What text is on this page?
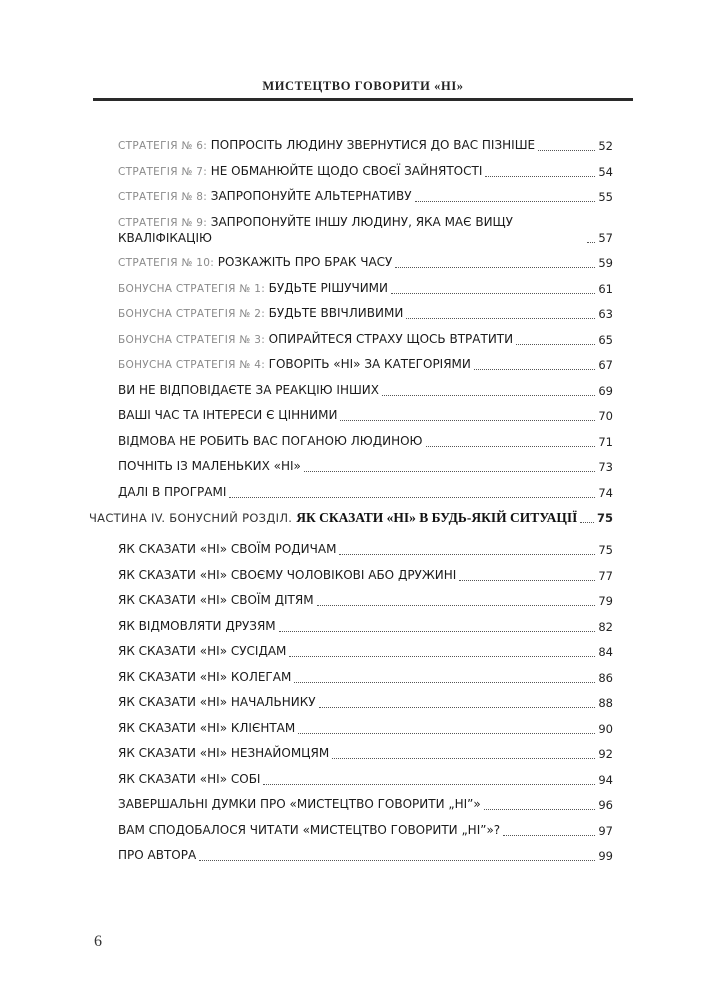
МИСТЕЦТВО ГОВОРИТИ «НІ»
СТРАТЕГІЯ № 6: ПОПРОСІТЬ ЛЮДИНУ ЗВЕРНУТИСЯ ДО ВАС ПІЗНІШЕ	52
СТРАТЕГІЯ № 7: НЕ ОБМАНЮЙТЕ ЩОДО СВОЄЇ ЗАЙНЯТОСТІ	54
СТРАТЕГІЯ № 8: ЗАПРОПОНУЙТЕ АЛЬТЕРНАТИВУ	55
СТРАТЕГІЯ № 9: ЗАПРОПОНУЙТЕ ІНШУ ЛЮДИНУ, ЯКА МАЄ ВИЩУ КВАЛІФІКАЦІЮ	57
СТРАТЕГІЯ № 10: РОЗКАЖІТЬ ПРО БРАК ЧАСУ	59
БОНУСНА СТРАТЕГІЯ № 1: БУДЬТЕ РІШУЧИМИ	61
БОНУСНА СТРАТЕГІЯ № 2: БУДЬТЕ ВВІЧЛИВИМИ	63
БОНУСНА СТРАТЕГІЯ № 3: ОПИРАЙТЕСЯ СТРАХУ ЩОСЬ ВТРАТИТИ	65
БОНУСНА СТРАТЕГІЯ № 4: ГОВОРІТЬ «НІ» ЗА КАТЕГОРІЯМИ	67
ВИ НЕ ВІДПОВІДАЄТЕ ЗА РЕАКЦІЮ ІНШИХ	69
ВАШІ ЧАС ТА ІНТЕРЕСИ Є ЦІННИМИ	70
ВІДМОВА НЕ РОБИТЬ ВАС ПОГАНОЮ ЛЮДИНОЮ	71
ПОЧНІТЬ ІЗ МАЛЕНЬКИХ «НІ»	73
ДАЛІ В ПРОГРАМІ	74
ЧАСТИНА IV. БОНУСНИЙ РОЗДІЛ. ЯК СКАЗАТИ «НІ» В БУДЬ-ЯКІЙ СИТУАЦІЇ 75
ЯК СКАЗАТИ «НІ» СВОЇМ РОДИЧАМ	75
ЯК СКАЗАТИ «НІ» СВОЄМУ ЧОЛОВІКОВІ АБО ДРУЖИНІ	77
ЯК СКАЗАТИ «НІ» СВОЇМ ДІТЯМ	79
ЯК ВІДМОВЛЯТИ ДРУЗЯМ	82
ЯК СКАЗАТИ «НІ» СУСІДАМ	84
ЯК СКАЗАТИ «НІ» КОЛЕГАМ	86
ЯК СКАЗАТИ «НІ» НАЧАЛЬНИКУ	88
ЯК СКАЗАТИ «НІ» КЛІЄНТАМ	90
ЯК СКАЗАТИ «НІ» НЕЗНАЙОМЦЯМ	92
ЯК СКАЗАТИ «НІ» СОБІ	94
ЗАВЕРШАЛЬНІ ДУМКИ ПРО «МИСТЕЦТВО ГОВОРИТИ „НІ”»	96
ВАМ СПОДОБАЛОСЯ ЧИТАТИ «МИСТЕЦТВО ГОВОРИТИ „НІ”»?	97
ПРО АВТОРА	99
6
